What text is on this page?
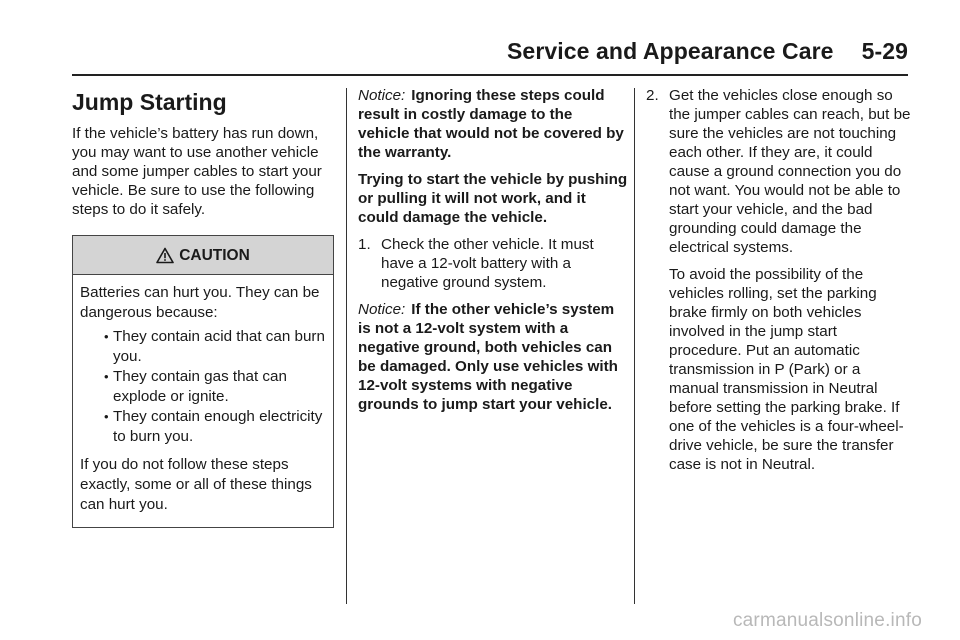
Service and Appearance Care 5-29
Jump Starting

If the vehicle’s battery has run down, you may want to use another vehicle and some jumper cables to start your vehicle. Be sure to use the following steps to do it safely.

CAUTION

Batteries can hurt you. They can be dangerous because:

• They contain acid that can burn you.
• They contain gas that can explode or ignite.
• They contain enough electricity to burn you.

If you do not follow these steps exactly, some or all of these things can hurt you.

Notice: Ignoring these steps could result in costly damage to the vehicle that would not be covered by the warranty.

Trying to start the vehicle by pushing or pulling it will not work, and it could damage the vehicle.

1. Check the other vehicle. It must have a 12-volt battery with a negative ground system.

Notice: If the other vehicle’s system is not a 12-volt system with a negative ground, both vehicles can be damaged. Only use vehicles with 12-volt systems with negative grounds to jump start your vehicle.

2. Get the vehicles close enough so the jumper cables can reach, but be sure the vehicles are not touching each other. If they are, it could cause a ground connection you do not want. You would not be able to start your vehicle, and the bad grounding could damage the electrical systems.

To avoid the possibility of the vehicles rolling, set the parking brake firmly on both vehicles involved in the jump start procedure. Put an automatic transmission in P (Park) or a manual transmission in Neutral before setting the parking brake. If one of the vehicles is a four-wheel-drive vehicle, be sure the transfer case is not in Neutral.

carmanualsonline.info
